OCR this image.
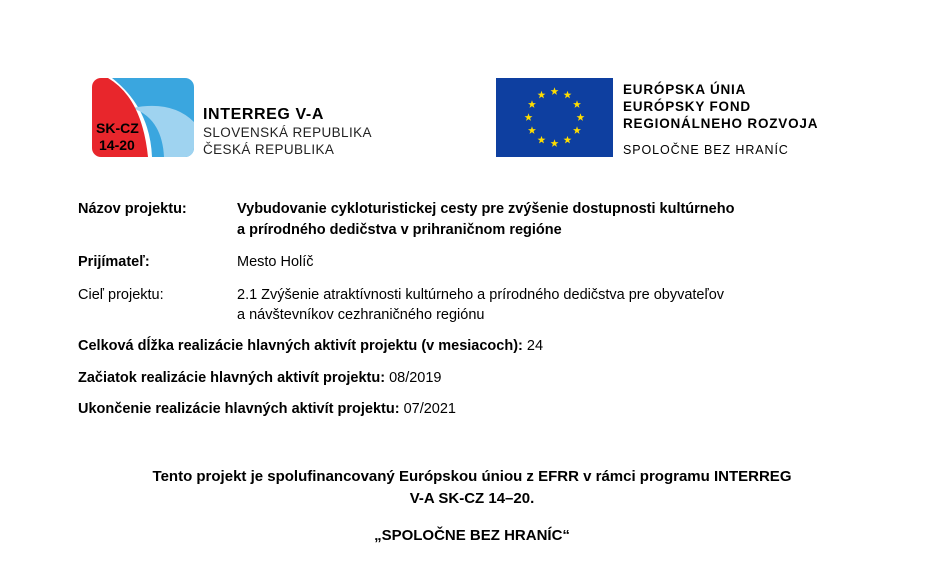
SK-CZ
14-20
INTERREG V-A
SLOVENSKÁ REPUBLIKA
ČESKÁ REPUBLIKA
EURÓPSKA ÚNIA
EURÓPSKY FOND
REGIONÁLNEHO ROZVOJA
SPOLOČNE BEZ HRANÍC
Názov projektu:	Vybudovanie cykloturistickej cesty pre zvýšenie dostupnosti kultúrneho
a prírodného dedičstva v prihraničnom regióne
Prijímateľ:	Mesto Holíč
Cieľ projektu:	2.1 Zvýšenie atraktívnosti kultúrneho a prírodného dedičstva pre obyvateľov
a návštevníkov cezhraničného regiónu
Celková dĺžka realizácie hlavných aktivít projektu (v mesiacoch): 24
Začiatok realizácie hlavných aktivít projektu: 08/2019
Ukončenie realizácie hlavných aktivít projektu: 07/2021
Tento projekt je spolufinancovaný Európskou úniou z EFRR v rámci programu INTERREG
V-A SK-CZ 14–20.
„SPOLOČNE BEZ HRANÍC“
